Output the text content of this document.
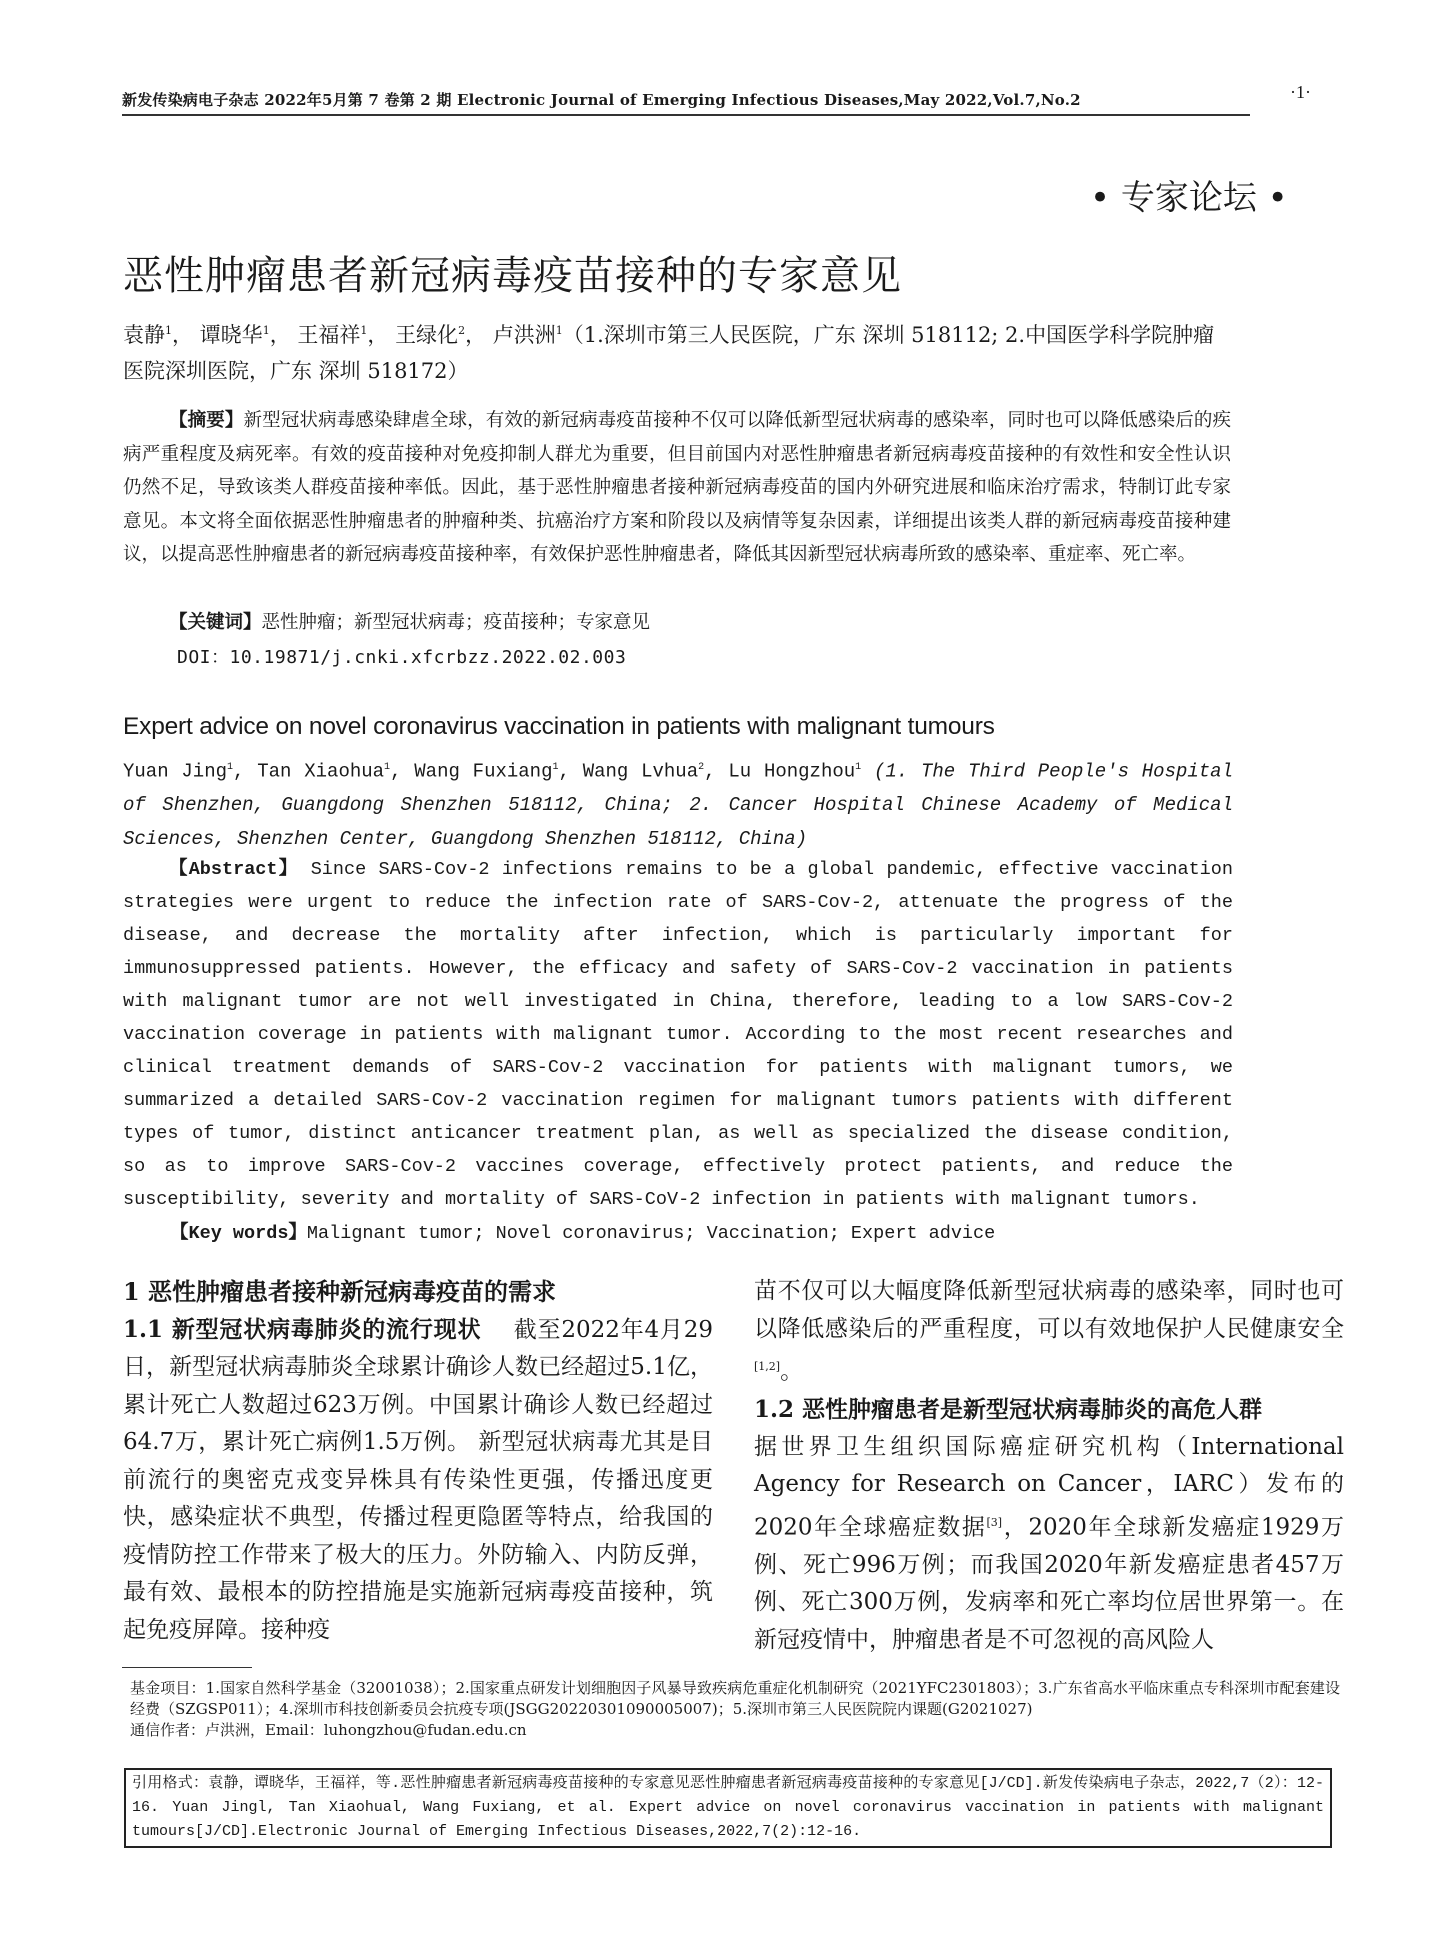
新发传染病电子杂志 2022年5月第 7 卷第 2 期 Electronic Journal of Emerging Infectious Diseases,May 2022,Vol.7,No.2	·1·
• 专家论坛 •
恶性肿瘤患者新冠病毒疫苗接种的专家意见
袁静$^1$， 谭晓华$^1$， 王福祥$^1$， 王绿化$^2$， 卢洪洲$^1$（1.深圳市第三人民医院，广东 深圳 518112; 2.中国医学科学院肿瘤医院深圳医院，广东 深圳 518172）
【摘要】新型冠状病毒感染肆虐全球，有效的新冠病毒疫苗接种不仅可以降低新型冠状病毒的感染率，同时也可以降低感染后的疾病严重程度及病死率。有效的疫苗接种对免疫抑制人群尤为重要，但目前国内对恶性肿瘤患者新冠病毒疫苗接种的有效性和安全性认识仍然不足，导致该类人群疫苗接种率低。因此，基于恶性肿瘤患者接种新冠病毒疫苗的国内外研究进展和临床治疗需求，特制订此专家意见。本文将全面依据恶性肿瘤患者的肿瘤种类、抗癌治疗方案和阶段以及病情等复杂因素，详细提出该类人群的新冠病毒疫苗接种建议，以提高恶性肿瘤患者的新冠病毒疫苗接种率，有效保护恶性肿瘤患者，降低其因新型冠状病毒所致的感染率、重症率、死亡率。
【关键词】恶性肿瘤；新型冠状病毒；疫苗接种；专家意见
DOI：10.19871/j.cnki.xfcrbzz.2022.02.003
Expert advice on novel coronavirus vaccination in patients with malignant tumours
Yuan Jing$^1$, Tan Xiaohua$^1$, Wang Fuxiang$^1$, Wang Lvhua$^2$, Lu Hongzhou$^1$ (1. The Third People's Hospital of Shenzhen, Guangdong Shenzhen 518112, China; 2. Cancer Hospital Chinese Academy of Medical Sciences, Shenzhen Center, Guangdong Shenzhen 518112, China)
【Abstract】 Since SARS-Cov-2 infections remains to be a global pandemic, effective vaccination strategies were urgent to reduce the infection rate of SARS-Cov-2, attenuate the progress of the disease, and decrease the mortality after infection, which is particularly important for immunosuppressed patients. However, the efficacy and safety of SARS-Cov-2 vaccination in patients with malignant tumor are not well investigated in China, therefore, leading to a low SARS-Cov-2 vaccination coverage in patients with malignant tumor. According to the most recent researches and clinical treatment demands of SARS-Cov-2 vaccination for patients with malignant tumors, we summarized a detailed SARS-Cov-2 vaccination regimen for malignant tumors patients with different types of tumor, distinct anticancer treatment plan, as well as specialized the disease condition, so as to improve SARS-Cov-2 vaccines coverage, effectively protect patients, and reduce the susceptibility, severity and mortality of SARS-CoV-2 infection in patients with malignant tumors.
【Key words】Malignant tumor; Novel coronavirus; Vaccination; Expert advice
1 恶性肿瘤患者接种新冠病毒疫苗的需求
1.1 新型冠状病毒肺炎的流行现状 截至2022年4月29日，新型冠状病毒肺炎全球累计确诊人数已经超过5.1亿，累计死亡人数超过623万例。中国累计确诊人数已经超过64.7万，累计死亡病例1.5万例。 新型冠状病毒尤其是目前流行的奥密克戎变异株具有传染性更强，传播迅度更快，感染症状不典型，传播过程更隐匿等特点，给我国的疫情防控工作带来了极大的压力。外防输入、内防反弹，最有效、最根本的防控措施是实施新冠病毒疫苗接种，筑起免疫屏障。接种疫
苗不仅可以大幅度降低新型冠状病毒的感染率，同时也可以降低感染后的严重程度，可以有效地保护人民健康安全[1,2]。
1.2 恶性肿瘤患者是新型冠状病毒肺炎的高危人群
据世界卫生组织国际癌症研究机构（International Agency for Research on Cancer，IARC）发布的2020年全球癌症数据[3]，2020年全球新发癌症1929万例、死亡996万例；而我国2020年新发癌症患者457万例、死亡300万例，发病率和死亡率均位居世界第一。在新冠疫情中，肿瘤患者是不可忽视的高风险人
基金项目：1.国家自然科学基金（32001038）；2.国家重点研发计划细胞因子风暴导致疾病危重症化机制研究（2021YFC2301803）；3.广东省高水平临床重点专科深圳市配套建设经费（SZGSP011）；4.深圳市科技创新委员会抗疫专项(JSGG20220301090005007)；5.深圳市第三人民医院院内课题(G2021027)
通信作者：卢洪洲，Email：luhongzhou@fudan.edu.cn
引用格式：袁静，谭晓华，王福祥，等.恶性肿瘤患者新冠病毒疫苗接种的专家意见恶性肿瘤患者新冠病毒疫苗接种的专家意见[J/CD].新发传染病电子杂志，2022,7（2）：12-16. Yuan Jingl, Tan Xiaohual, Wang Fuxiang, et al. Expert advice on novel coronavirus vaccination in patients with malignant tumours[J/CD].Electronic Journal of Emerging Infectious Diseases,2022,7(2):12-16.
